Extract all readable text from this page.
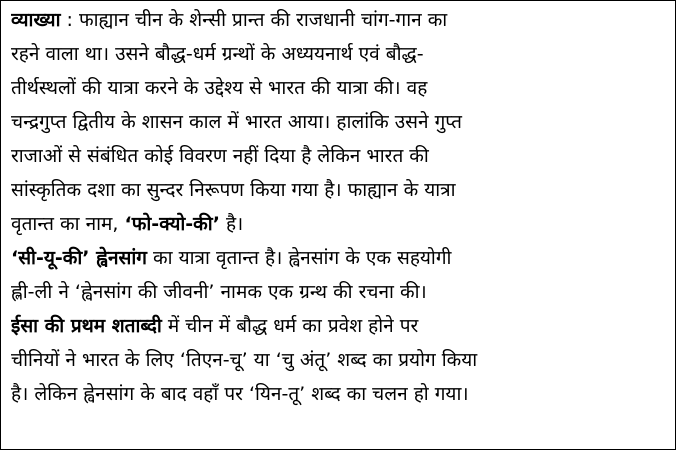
व्याख्या : फाह्यान चीन के शेन्सी प्रान्त की राजधानी चांग-गान का
रहने वाला था। उसने बौद्ध-धर्म ग्रन्थों के अध्ययनार्थ एवं बौद्ध-
तीर्थस्थलों की यात्रा करने के उद्देश्य से भारत की यात्रा की। वह
चन्द्रगुप्त द्वितीय के शासन काल में भारत आया। हालांकि उसने गुप्त
राजाओं से संबंधित कोई विवरण नहीं दिया है लेकिन भारत की
सांस्कृतिक दशा का सुन्दर निरूपण किया गया है। फाह्यान के यात्रा
वृतान्त का नाम, ‘फो-क्यो-की’ है।
‘सी-यू-की’ ह्वेनसांग का यात्रा वृतान्त है। ह्वेनसांग के एक सहयोगी
ह्ली-ली ने ‘ह्वेनसांग की जीवनी’ नामक एक ग्रन्थ की रचना की।
ईसा की प्रथम शताब्दी में चीन में बौद्ध धर्म का प्रवेश होने पर
चीनियों ने भारत के लिए ‘तिएन-चू’ या ‘चु अंतू’ शब्द का प्रयोग किया
है। लेकिन ह्वेनसांग के बाद वहाँ पर ‘यिन-तू’ शब्द का चलन हो गया।
